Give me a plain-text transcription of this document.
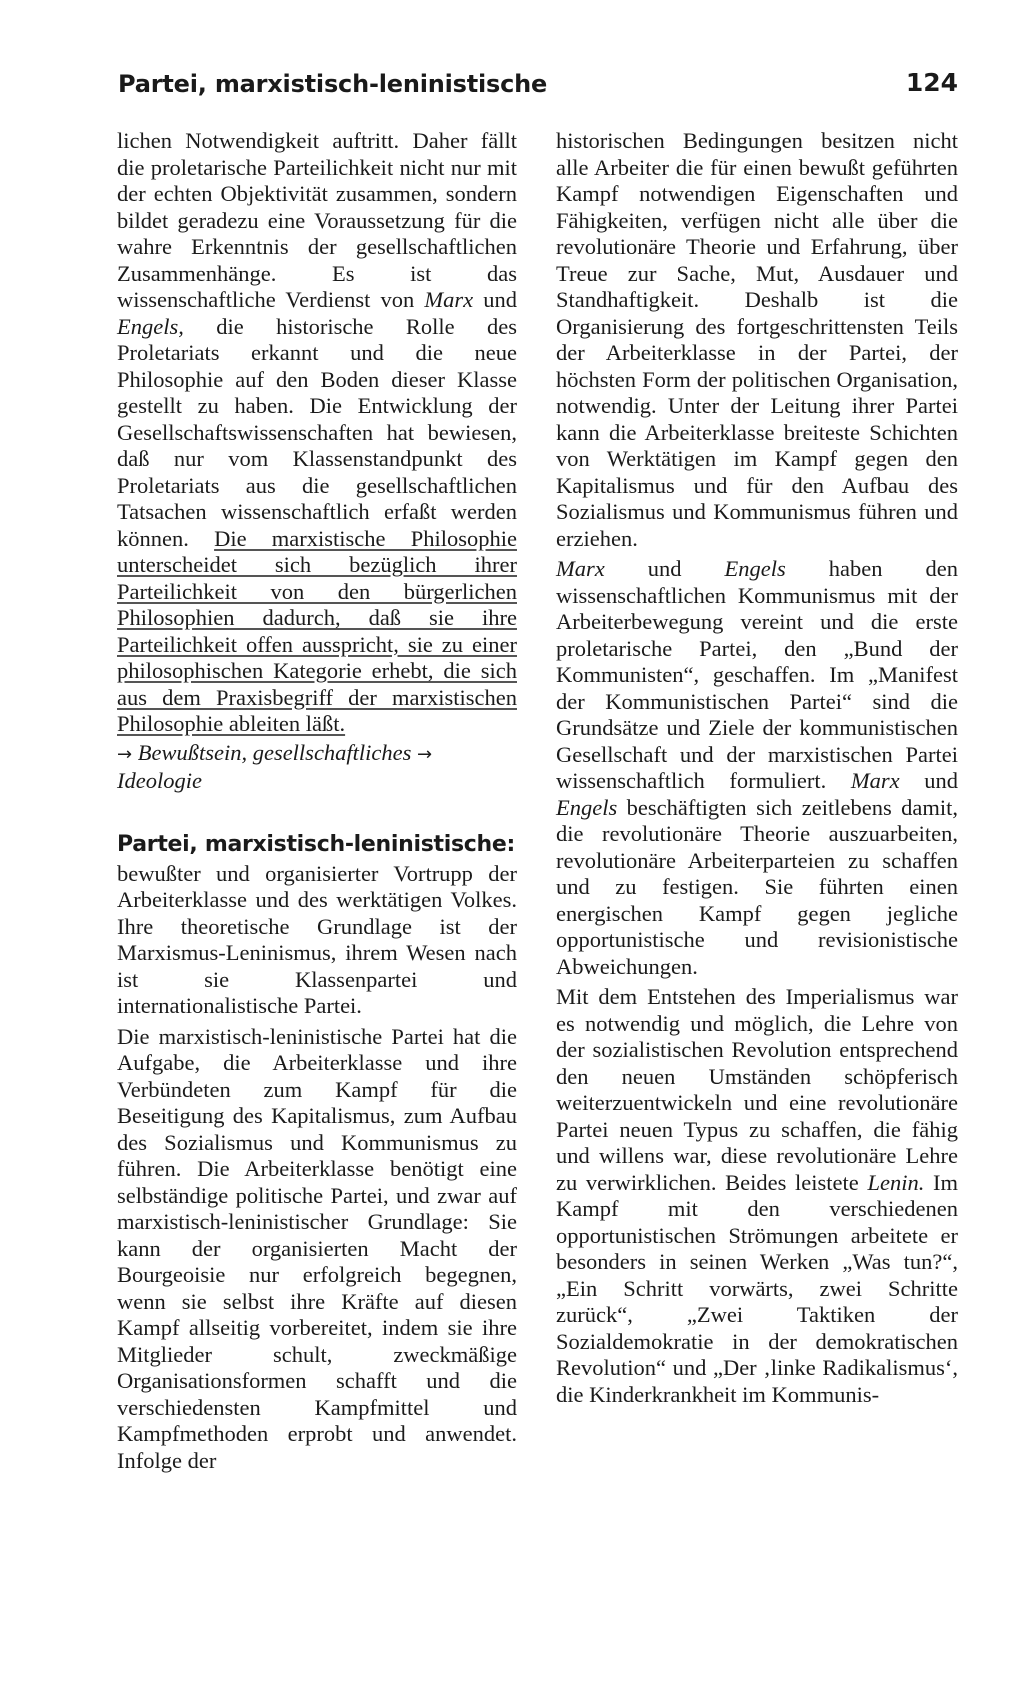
Partei, marxistisch-leninistische	124

lichen Notwendigkeit auftritt. Daher fällt die proletarische Parteilichkeit nicht nur mit der echten Objektivität zusammen, sondern bildet geradezu eine Voraussetzung für die wahre Erkenntnis der gesellschaftlichen Zusammenhänge. Es ist das wissenschaftliche Verdienst von Marx und Engels, die historische Rolle des Proletariats erkannt und die neue Philosophie auf den Boden dieser Klasse gestellt zu haben. Die Entwicklung der Gesellschaftswissenschaften hat bewiesen, daß nur vom Klassenstandpunkt des Proletariats aus die gesellschaftlichen Tatsachen wissenschaftlich erfaßt werden können. Die marxistische Philosophie unterscheidet sich bezüglich ihrer Parteilichkeit von den bürgerlichen Philosophien dadurch, daß sie ihre Parteilichkeit offen ausspricht, sie zu einer philosophischen Kategorie erhebt, die sich aus dem Praxisbegriff der marxistischen Philosophie ableiten läßt.

→ Bewußtsein, gesellschaftliches → Ideologie

Partei, marxistisch-leninistische:

bewußter und organisierter Vortrupp der Arbeiterklasse und des werktätigen Volkes. Ihre theoretische Grundlage ist der Marxismus-Leninismus, ihrem Wesen nach ist sie Klassenpartei und internationalistische Partei.

Die marxistisch-leninistische Partei hat die Aufgabe, die Arbeiterklasse und ihre Verbündeten zum Kampf für die Beseitigung des Kapitalismus, zum Aufbau des Sozialismus und Kommunismus zu führen. Die Arbeiterklasse benötigt eine selbständige politische Partei, und zwar auf marxistisch-leninistischer Grundlage: Sie kann der organisierten Macht der Bourgeoisie nur erfolgreich begegnen, wenn sie selbst ihre Kräfte auf diesen Kampf allseitig vorbereitet, indem sie ihre Mitglieder schult, zweckmäßige Organisationsformen schafft und die verschiedensten Kampfmittel und Kampfmethoden erprobt und anwendet. Infolge der

historischen Bedingungen besitzen nicht alle Arbeiter die für einen bewußt geführten Kampf notwendigen Eigenschaften und Fähigkeiten, verfügen nicht alle über die revolutionäre Theorie und Erfahrung, über Treue zur Sache, Mut, Ausdauer und Standhaftigkeit. Deshalb ist die Organisierung des fortgeschrittensten Teils der Arbeiterklasse in der Partei, der höchsten Form der politischen Organisation, notwendig. Unter der Leitung ihrer Partei kann die Arbeiterklasse breiteste Schichten von Werktätigen im Kampf gegen den Kapitalismus und für den Aufbau des Sozialismus und Kommunismus führen und erziehen.

Marx und Engels haben den wissenschaftlichen Kommunismus mit der Arbeiterbewegung vereint und die erste proletarische Partei, den „Bund der Kommunisten“, geschaffen. Im „Manifest der Kommunistischen Partei“ sind die Grundsätze und Ziele der kommunistischen Gesellschaft und der marxistischen Partei wissenschaftlich formuliert. Marx und Engels beschäftigten sich zeitlebens damit, die revolutionäre Theorie auszuarbeiten, revolutionäre Arbeiterparteien zu schaffen und zu festigen. Sie führten einen energischen Kampf gegen jegliche opportunistische und revisionistische Abweichungen.

Mit dem Entstehen des Imperialismus war es notwendig und möglich, die Lehre von der sozialistischen Revolution entsprechend den neuen Umständen schöpferisch weiterzuentwickeln und eine revolutionäre Partei neuen Typus zu schaffen, die fähig und willens war, diese revolutionäre Lehre zu verwirklichen. Beides leistete Lenin. Im Kampf mit den verschiedenen opportunistischen Strömungen arbeitete er besonders in seinen Werken „Was tun?“, „Ein Schritt vorwärts, zwei Schritte zurück“, „Zwei Taktiken der Sozialdemokratie in der demokratischen Revolution“ und „Der ‚linke Radikalismus‘, die Kinderkrankheit im Kommunis-
